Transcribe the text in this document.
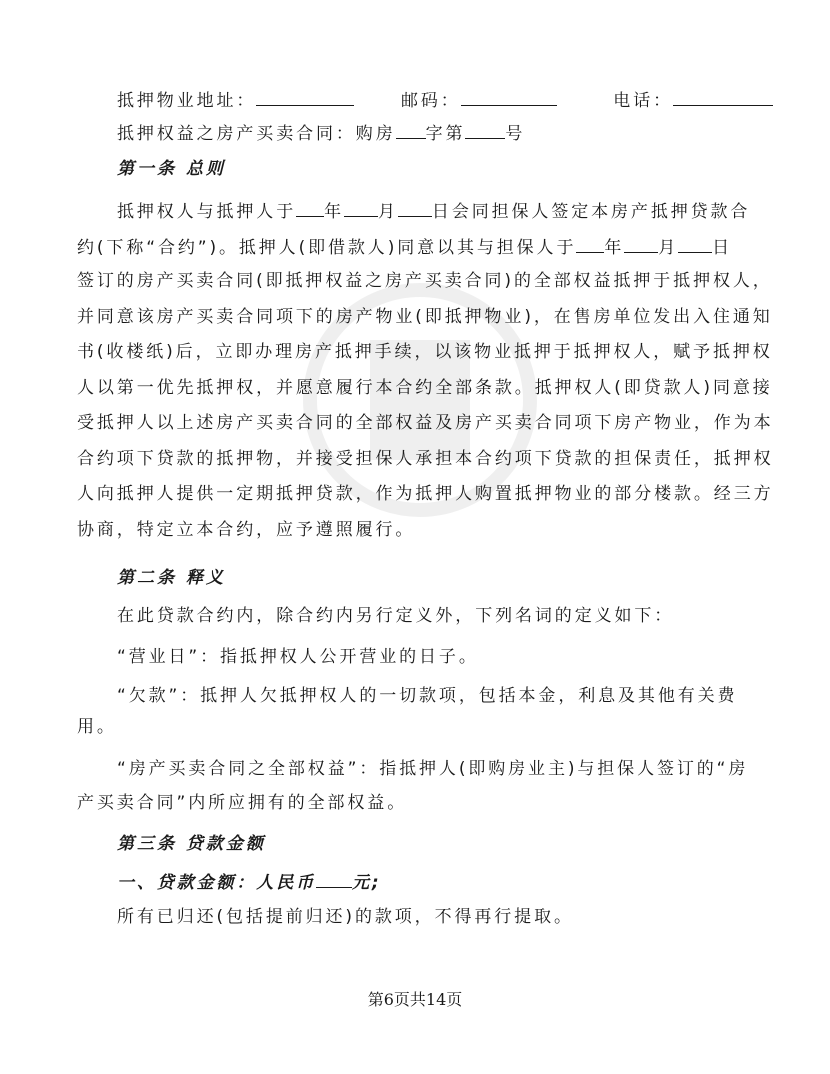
抵押物业地址：	邮码：	电话：
抵押权益之房产买卖合同：购房 字第 号
第一条 总则
抵押权人与抵押人于 年 月 日会同担保人签定本房产抵押贷款合
约(下称“合约”)。抵押人(即借款人)同意以其与担保人于 年 月 日
签订的房产买卖合同(即抵押权益之房产买卖合同)的全部权益抵押于抵押权人，
并同意该房产买卖合同项下的房产物业(即抵押物业)，在售房单位发出入住通知
书(收楼纸)后，立即办理房产抵押手续，以该物业抵押于抵押权人，赋予抵押权
人以第一优先抵押权，并愿意履行本合约全部条款。抵押权人(即贷款人)同意接
受抵押人以上述房产买卖合同的全部权益及房产买卖合同项下房产物业，作为本
合约项下贷款的抵押物，并接受担保人承担本合约项下贷款的担保责任，抵押权
人向抵押人提供一定期抵押贷款，作为抵押人购置抵押物业的部分楼款。经三方
协商，特定立本合约，应予遵照履行。
第二条 释义
在此贷款合约内，除合约内另行定义外，下列名词的定义如下：
“营业日”：指抵押权人公开营业的日子。
“欠款”：抵押人欠抵押权人的一切款项，包括本金，利息及其他有关费
用。
“房产买卖合同之全部权益”：指抵押人(即购房业主)与担保人签订的“房
产买卖合同”内所应拥有的全部权益。
第三条 贷款金额
一、贷款金额：人民币 元;
所有已归还(包括提前归还)的款项，不得再行提取。
第6页共14页
